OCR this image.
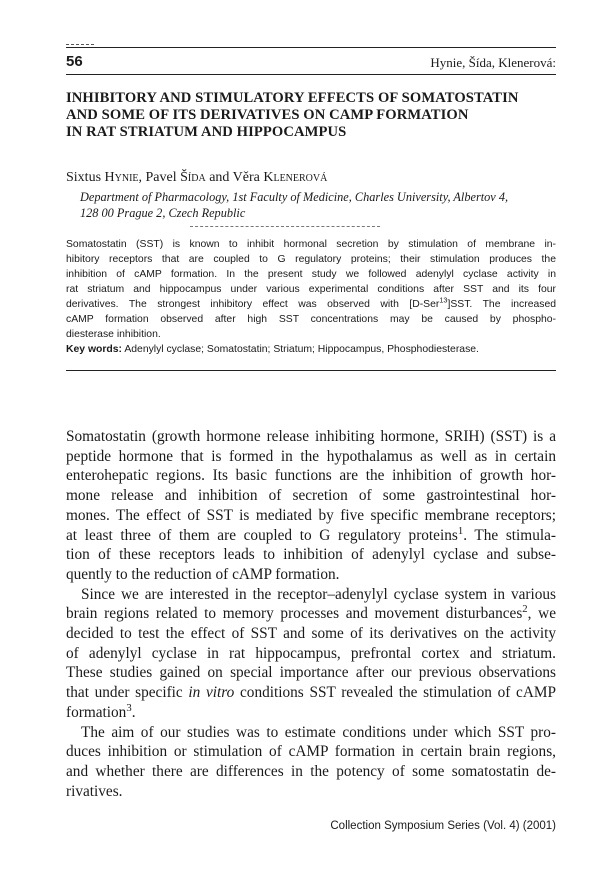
56	Hynie, Šída, Klenerová:
INHIBITORY AND STIMULATORY EFFECTS OF SOMATOSTATIN
AND SOME OF ITS DERIVATIVES ON CAMP FORMATION
IN RAT STRIATUM AND HIPPOCAMPUS
Sixtus Hynie, Pavel Šída and Věra Klenerová
Department of Pharmacology, 1st Faculty of Medicine, Charles University, Albertov 4,
128 00 Prague 2, Czech Republic
Somatostatin (SST) is known to inhibit hormonal secretion by stimulation of membrane in-
hibitory receptors that are coupled to G regulatory proteins; their stimulation produces the
inhibition of cAMP formation. In the present study we followed adenylyl cyclase activity in
rat striatum and hippocampus under various experimental conditions after SST and its four
derivatives. The strongest inhibitory effect was observed with [D-Ser$^{13}$]SST. The increased
cAMP formation observed after high SST concentrations may be caused by phospho-
diesterase inhibition.
Key words: Adenylyl cyclase; Somatostatin; Striatum; Hippocampus, Phosphodiesterase.
Somatostatin (growth hormone release inhibiting hormone, SRIH) (SST) is a
peptide hormone that is formed in the hypothalamus as well as in certain
enterohepatic regions. Its basic functions are the inhibition of growth hor-
mone release and inhibition of secretion of some gastrointestinal hor-
mones. The effect of SST is mediated by five specific membrane receptors;
at least three of them are coupled to G regulatory proteins$^1$. The stimula-
tion of these receptors leads to inhibition of adenylyl cyclase and subse-
quently to the reduction of cAMP formation.
Since we are interested in the receptor–adenylyl cyclase system in various
brain regions related to memory processes and movement disturbances$^2$, we
decided to test the effect of SST and some of its derivatives on the activity
of adenylyl cyclase in rat hippocampus, prefrontal cortex and striatum.
These studies gained on special importance after our previous observations
that under specific in vitro conditions SST revealed the stimulation of cAMP
formation$^3$.
The aim of our studies was to estimate conditions under which SST pro-
duces inhibition or stimulation of cAMP formation in certain brain regions,
and whether there are differences in the potency of some somatostatin de-
rivatives.
Collection Symposium Series (Vol. 4) (2001)
